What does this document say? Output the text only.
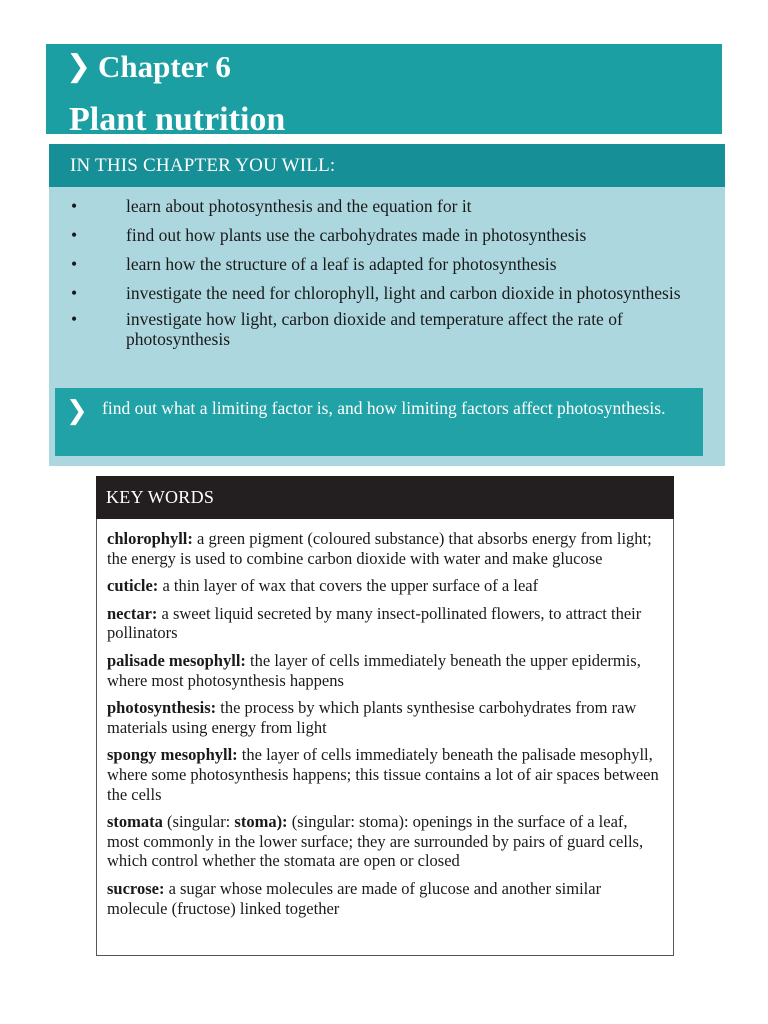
❯ Chapter 6
Plant nutrition
IN THIS CHAPTER YOU WILL:
•	learn about photosynthesis and the equation for it
•	find out how plants use the carbohydrates made in photosynthesis
•	learn how the structure of a leaf is adapted for photosynthesis
•	investigate the need for chlorophyll, light and carbon dioxide in photosynthesis
•	investigate how light, carbon dioxide and temperature affect the rate of photosynthesis
❯ find out what a limiting factor is, and how limiting factors affect photosynthesis.
KEY WORDS
chlorophyll: a green pigment (coloured substance) that absorbs energy from light; the energy is used to combine carbon dioxide with water and make glucose
cuticle: a thin layer of wax that covers the upper surface of a leaf
nectar: a sweet liquid secreted by many insect-pollinated flowers, to attract their pollinators
palisade mesophyll: the layer of cells immediately beneath the upper epidermis, where most photosynthesis happens
photosynthesis: the process by which plants synthesise carbohydrates from raw materials using energy from light
spongy mesophyll: the layer of cells immediately beneath the palisade mesophyll, where some photosynthesis happens; this tissue contains a lot of air spaces between the cells
stomata (singular: stoma): (singular: stoma): openings in the surface of a leaf, most commonly in the lower surface; they are surrounded by pairs of guard cells, which control whether the stomata are open or closed
sucrose: a sugar whose molecules are made of glucose and another similar molecule (fructose) linked together
